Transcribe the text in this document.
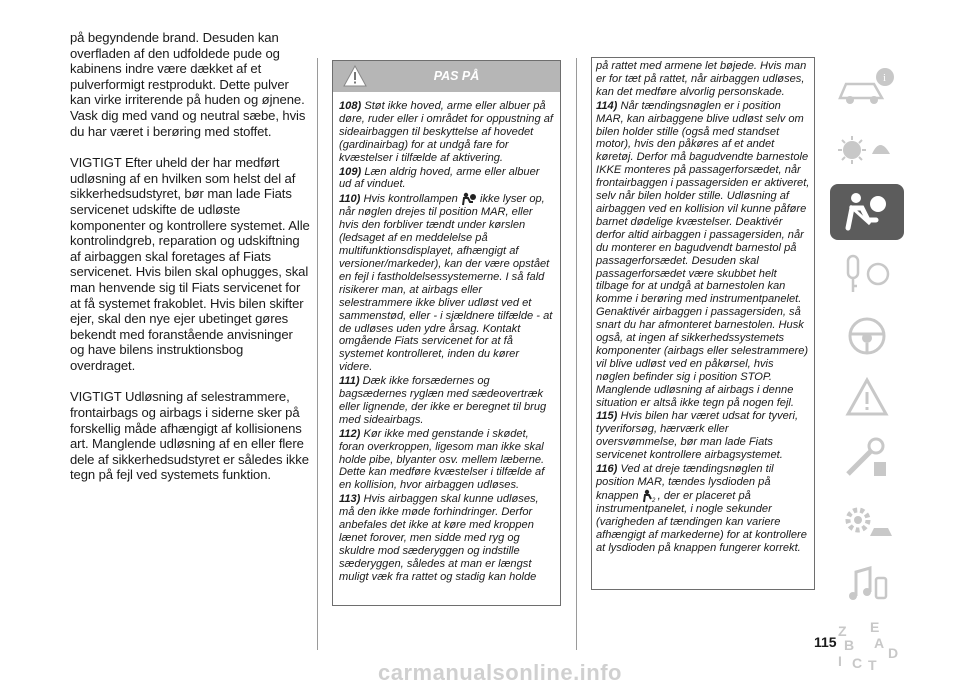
på begyndende brand. Desuden kan overfladen af den udfoldede pude og kabinens indre være dækket af et pulverformigt restprodukt. Dette pulver kan virke irriterende på huden og øjnene. Vask dig med vand og neutral sæbe, hvis du har været i berøring med stoffet.

VIGTIGT Efter uheld der har medført udløsning af en hvilken som helst del af sikkerhedsudstyret, bør man lade Fiats servicenet udskifte de udløste komponenter og kontrollere systemet. Alle kontrolindgreb, reparation og udskiftning af airbaggen skal foretages af Fiats servicenet. Hvis bilen skal ophugges, skal man henvende sig til Fiats servicenet for at få systemet frakoblet. Hvis bilen skifter ejer, skal den nye ejer ubetinget gøres bekendt med foranstående anvisninger og have bilens instruktionsbog overdraget.

VIGTIGT Udløsning af selestrammere, frontairbags og airbags i siderne sker på forskellig måde afhængigt af kollisionens art. Manglende udløsning af en eller flere dele af sikkerhedsudstyret er således ikke tegn på fejl ved systemets funktion.

PAS PÅ

108) Støt ikke hoved, arme eller albuer på døre, ruder eller i området for oppustning af sideairbaggen til beskyttelse af hovedet (gardinairbag) for at undgå fare for kvæstelser i tilfælde af aktivering.

109) Læn aldrig hoved, arme eller albuer ud af vinduet.

110) Hvis kontrollampen ikke lyser op, når nøglen drejes til position MAR, eller hvis den forbliver tændt under kørslen (ledsaget af en meddelelse på multifunktionsdisplayet, afhængigt af versioner/markeder), kan der være opstået en fejl i fastholdelsessystemerne. I så fald risikerer man, at airbags eller selestrammere ikke bliver udløst ved et sammenstød, eller - i sjældnere tilfælde - at de udløses uden ydre årsag. Kontakt omgående Fiats servicenet for at få systemet kontrolleret, inden du kører videre.

111) Dæk ikke forsædernes og bagsædernes ryglæn med sædeovertræk eller lignende, der ikke er beregnet til brug med sideairbags.

112) Kør ikke med genstande i skødet, foran overkroppen, ligesom man ikke skal holde pibe, blyanter osv. mellem læberne. Dette kan medføre kvæstelser i tilfælde af en kollision, hvor airbaggen udløses.

113) Hvis airbaggen skal kunne udløses, må den ikke møde forhindringer. Derfor anbefales det ikke at køre med kroppen lænet forover, men sidde med ryg og skuldre mod sæderyggen og indstille sæderyggen, således at man er længst muligt væk fra rattet og stadig kan holde

på rattet med armene let bøjede. Hvis man er for tæt på rattet, når airbaggen udløses, kan det medføre alvorlig personskade.

114) Når tændingsnøglen er i position MAR, kan airbaggene blive udløst selv om bilen holder stille (også med standset motor), hvis den påkøres af et andet køretøj. Derfor må bagudvendte barnestole IKKE monteres på passagerforsædet, når frontairbaggen i passagersiden er aktiveret, selv når bilen holder stille. Udløsning af airbaggen ved en kollision vil kunne påføre barnet dødelige kvæstelser. Deaktivér derfor altid airbaggen i passagersiden, når du monterer en bagudvendt barnestol på passagerforsædet. Desuden skal passagerforsædet være skubbet helt tilbage for at undgå at barnestolen kan komme i berøring med instrumentpanelet. Genaktivér airbaggen i passagersiden, så snart du har afmonteret barnestolen. Husk også, at ingen af sikkerhedssystemets komponenter (airbags eller selestrammere) vil blive udløst ved en påkørsel, hvis nøglen befinder sig i position STOP. Manglende udløsning af airbags i denne situation er altså ikke tegn på nogen fejl.

115) Hvis bilen har været udsat for tyveri, tyveriforsøg, hærværk eller oversvømmelse, bør man lade Fiats servicenet kontrollere airbagsystemet.

116) Ved at dreje tændingsnøglen til position MAR, tændes lysdioden på knappen 2 , der er placeret på instrumentpanelet, i nogle sekunder (varigheden af tændingen kan variere afhængigt af markederne) for at kontrollere at lysdioden på knappen fungerer korrekt.

i
Z E
B A
D
I C T
115
carmanualsonline.info
